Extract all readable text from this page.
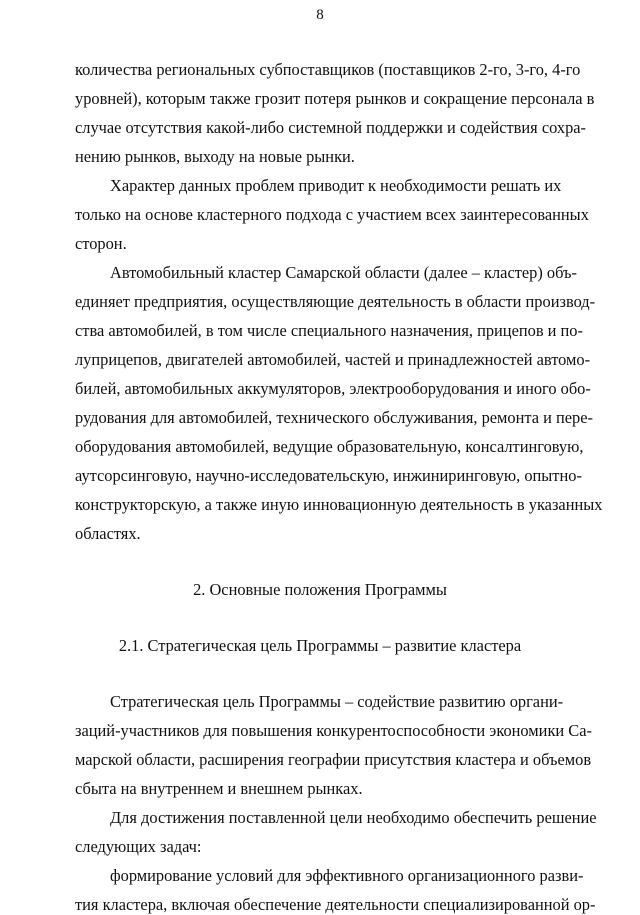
8
количества региональных субпоставщиков (поставщиков 2-го, 3-го, 4-го
уровней), которым также грозит потеря рынков и сокращение персонала в
случае отсутствия какой-либо системной поддержки и содействия сохра-
нению рынков, выходу на новые рынки.
Характер данных проблем приводит к необходимости решать их
только на основе кластерного подхода с участием всех заинтересованных
сторон.
Автомобильный кластер Самарской области (далее – кластер) объ-
единяет предприятия, осуществляющие деятельность в области производ-
ства автомобилей, в том числе специального назначения, прицепов и по-
луприцепов, двигателей автомобилей, частей и принадлежностей автомо-
билей, автомобильных аккумуляторов, электрооборудования и иного обо-
рудования для автомобилей, технического обслуживания, ремонта и пере-
оборудования автомобилей, ведущие образовательную, консалтинговую,
аутсорсинговую, научно-исследовательскую, инжиниринговую, опытно-
конструкторскую, а также иную инновационную деятельность в указанных
областях.
2. Основные положения Программы
2.1. Стратегическая цель Программы – развитие кластера
Стратегическая цель Программы – содействие развитию органи-
заций-участников для повышения конкурентоспособности экономики Са-
марской области, расширения географии присутствия кластера и объемов
сбыта на внутреннем и внешнем рынках.
Для достижения поставленной цели необходимо обеспечить решение
следующих задач:
формирование условий для эффективного организационного разви-
тия кластера, включая обеспечение деятельности специализированной ор-
